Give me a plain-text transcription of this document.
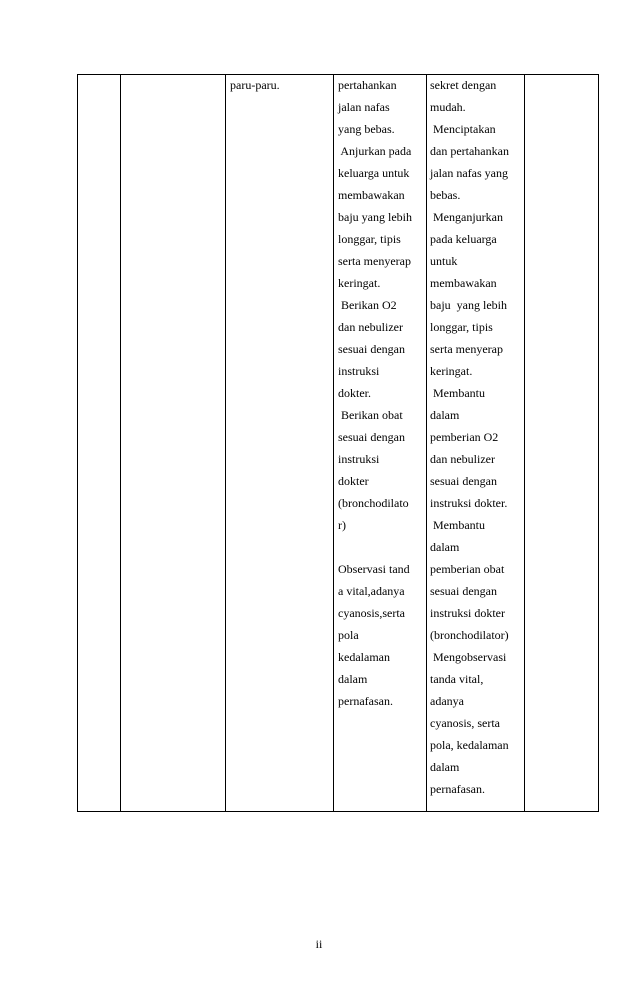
paru-paru.	pertahankan
jalan nafas
yang bebas.
Anjurkan pada
keluarga untuk
membawakan
baju yang lebih
longgar, tipis
serta menyerap
keringat.
Berikan O2
dan nebulizer
sesuai dengan
instruksi
dokter.
Berikan obat
sesuai dengan
instruksi
dokter
(bronchodilato
r)
Observasi tand
a vital,adanya
cyanosis,serta
pola
kedalaman
dalam
pernafasan.
sekret dengan
mudah.
Menciptakan
dan pertahankan
jalan nafas yang
bebas.
Menganjurkan
pada keluarga
untuk
membawakan
baju  yang lebih
longgar, tipis
serta menyerap
keringat.
Membantu
dalam
pemberian O2
dan nebulizer
sesuai dengan
instruksi dokter.
Membantu
dalam
pemberian obat
sesuai dengan
instruksi dokter
(bronchodilator)
Mengobservasi
tanda vital,
adanya
cyanosis, serta
pola, kedalaman
dalam
pernafasan.
ii
